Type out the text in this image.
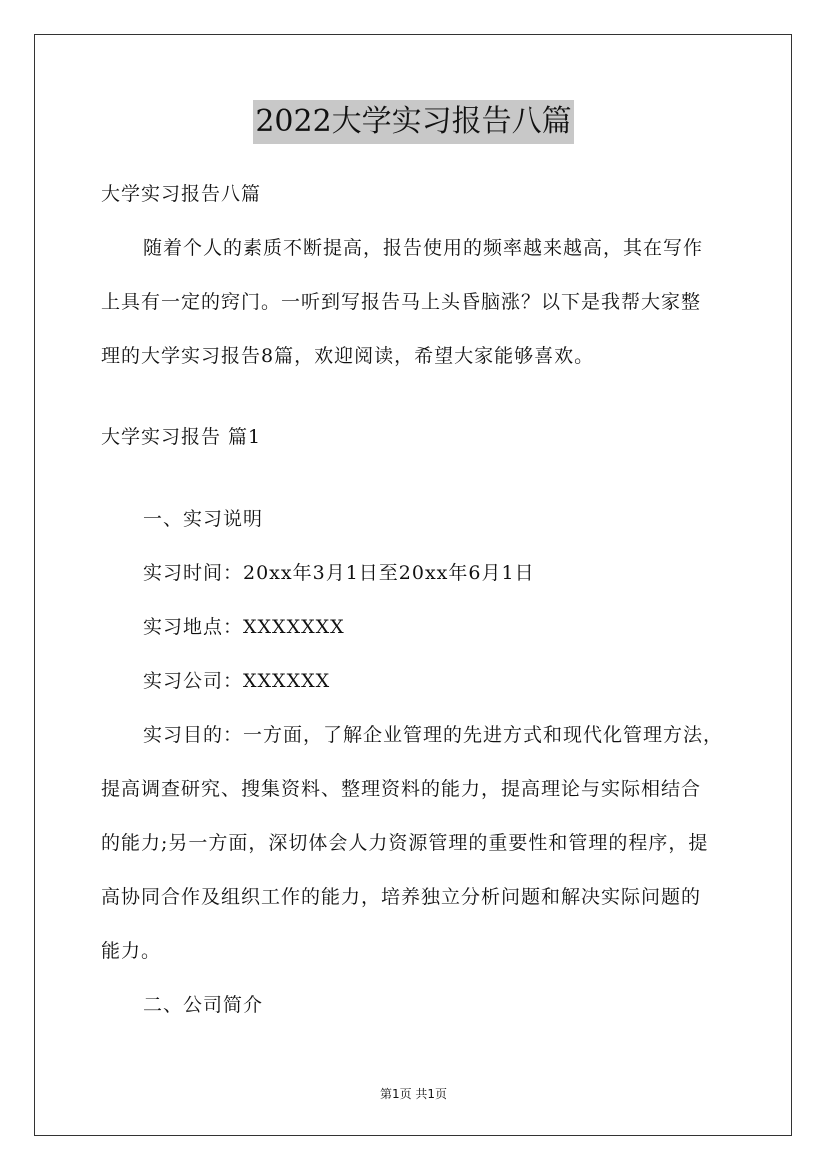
2022大学实习报告八篇
大学实习报告八篇
随着个人的素质不断提高，报告使用的频率越来越高，其在写作
上具有一定的窍门。一听到写报告马上头昏脑涨？以下是我帮大家整
理的大学实习报告8篇，欢迎阅读，希望大家能够喜欢。
大学实习报告 篇1
一、实习说明
实习时间：20xx年3月1日至20xx年6月1日
实习地点：XXXXXXX
实习公司：XXXXXX
实习目的：一方面，了解企业管理的先进方式和现代化管理方法，
提高调查研究、搜集资料、整理资料的能力，提高理论与实际相结合
的能力;另一方面，深切体会人力资源管理的重要性和管理的程序，提
高协同合作及组织工作的能力，培养独立分析问题和解决实际问题的
能力。
二、公司简介
第1页 共1页
